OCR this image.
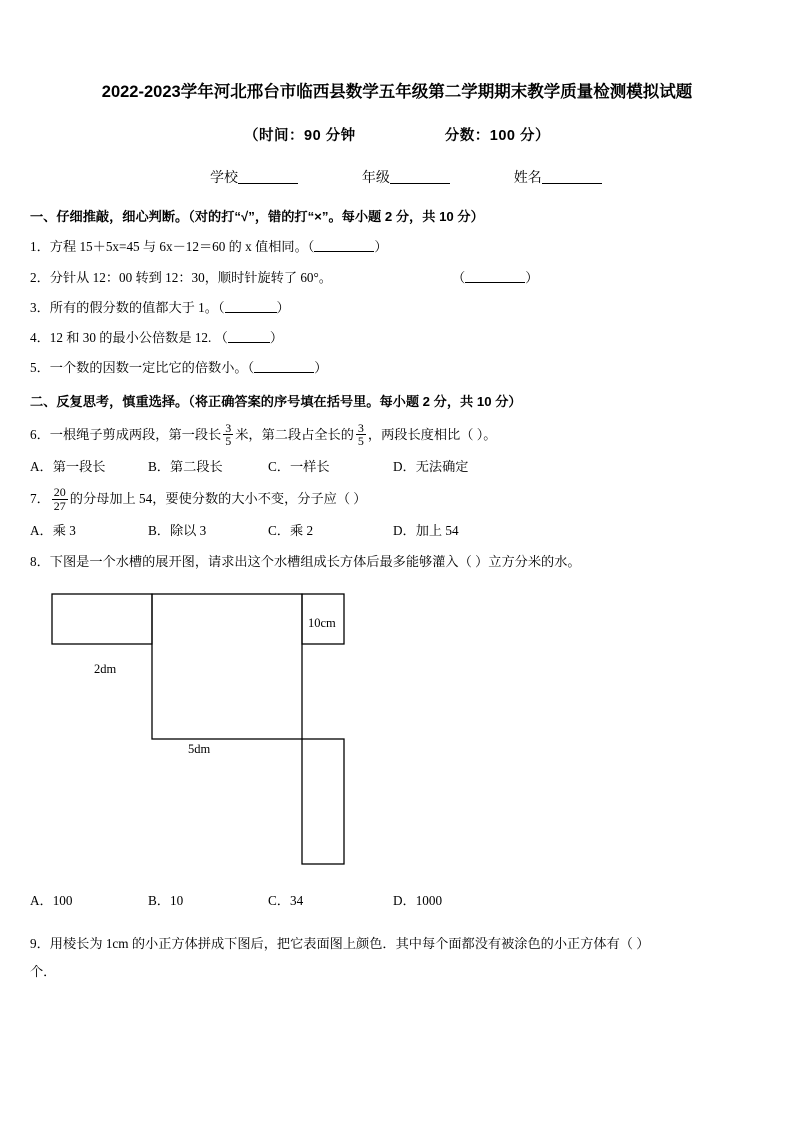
2022-2023学年河北邢台市临西县数学五年级第二学期期末教学质量检测模拟试题
（时间：90 分钟	分数：100 分）
学校	年级	姓名
一、仔细推敲，细心判断。（对的打“√”，错的打“×”。每小题 2 分，共 10 分）
1．方程 15＋5x=45 与 6x－12＝60 的 x 值相同。（	）
2．分针从 12：00 转到 12：30，顺时针旋转了 60°。	（	）
3．所有的假分数的值都大于 1。（	）
4．12 和 30 的最小公倍数是 12. （	）
5．一个数的因数一定比它的倍数小。（	）
二、反复思考，慎重选择。（将正确答案的序号填在括号里。每小题 2 分，共 10 分）
6．一根绳子剪成两段，第一段长 $\frac{3}{5}$ 米，第二段占全长的 $\frac{3}{5}$ ，两段长度相比（ ）。
A．第一段长	B．第二段长	C．一样长	D．无法确定
7． $\frac{20}{27}$ 的分母加上 54，要使分数的大小不变，分子应（ ）
A．乘 3	B．除以 3	C．乘 2	D．加上 54
8．下图是一个水槽的展开图，请求出这个水槽组成长方体后最多能够灌入（ ）立方分米的水。
10cm
2dm
5dm
A．100	B．10	C．34	D．1000
9．用棱长为 1cm 的小正方体拼成下图后，把它表面图上颜色．其中每个面都没有被涂色的小正方体有（ ）
个．
